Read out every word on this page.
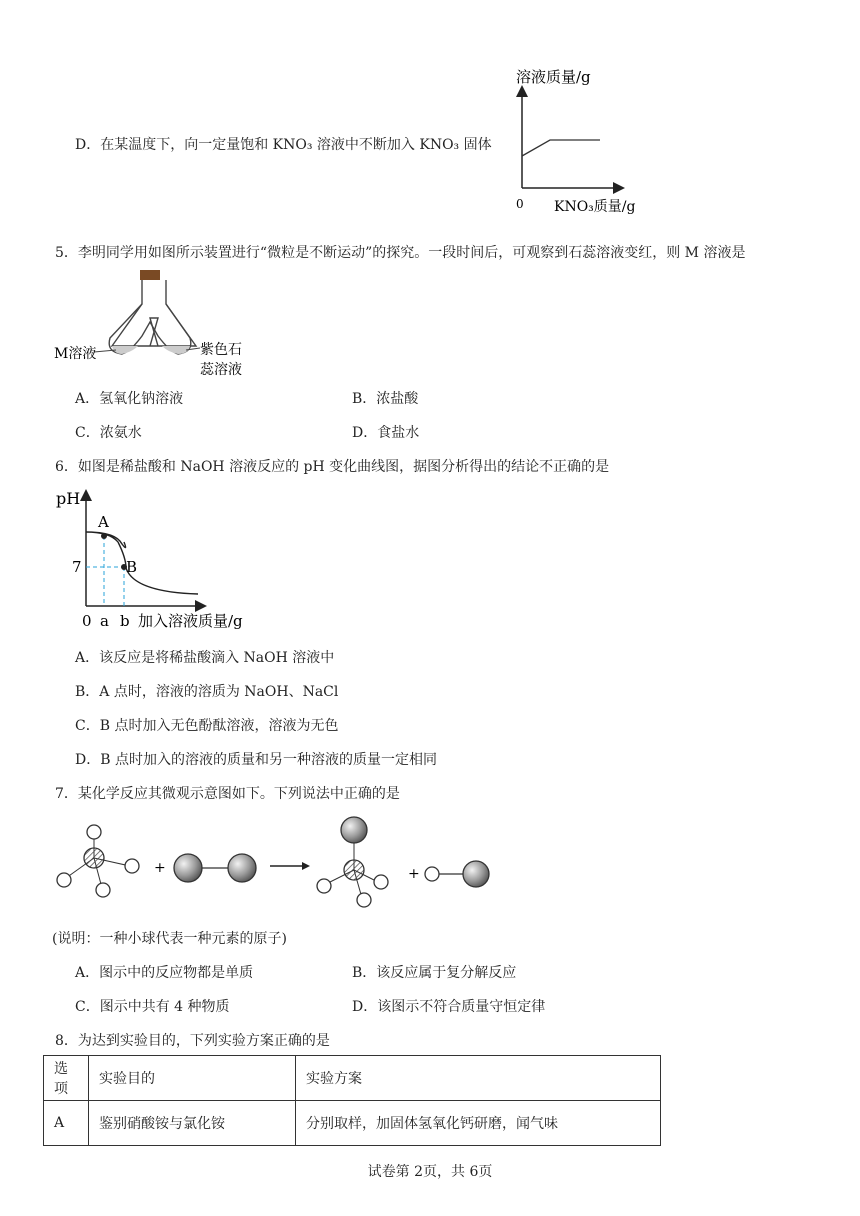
D．在某温度下，向一定量饱和 KNO₃ 溶液中不断加入 KNO₃ 固体
溶液质量/g
0 KNO₃质量/g
5．李明同学用如图所示装置进行“微粒是不断运动”的探究。一段时间后，可观察到石蕊溶液变红，则 M 溶液是
M溶液	紫色石
蕊溶液
A．氢氧化钠溶液	B．浓盐酸
C．浓氨水	D．食盐水
6．如图是稀盐酸和 NaOH 溶液反应的 pH 变化曲线图，据图分析得出的结论不正确的是
pH
A
B
7
0 a b 加入溶液质量/g
A．该反应是将稀盐酸滴入 NaOH 溶液中
B．A 点时，溶液的溶质为 NaOH、NaCl
C．B 点时加入无色酚酞溶液，溶液为无色
D．B 点时加入的溶液的质量和另一种溶液的质量一定相同
7．某化学反应其微观示意图如下。下列说法中正确的是
+	+
(说明：一种小球代表一种元素的原子)
A．图示中的反应物都是单质	B．该反应属于复分解反应
C．图示中共有 4 种物质	D．该图示不符合质量守恒定律
8．为达到实验目的，下列实验方案正确的是
选项	实验目的	实验方案
A	鉴别硝酸铵与氯化铵	分别取样，加固体氢氧化钙研磨，闻气味
试卷第 2页，共 6页
